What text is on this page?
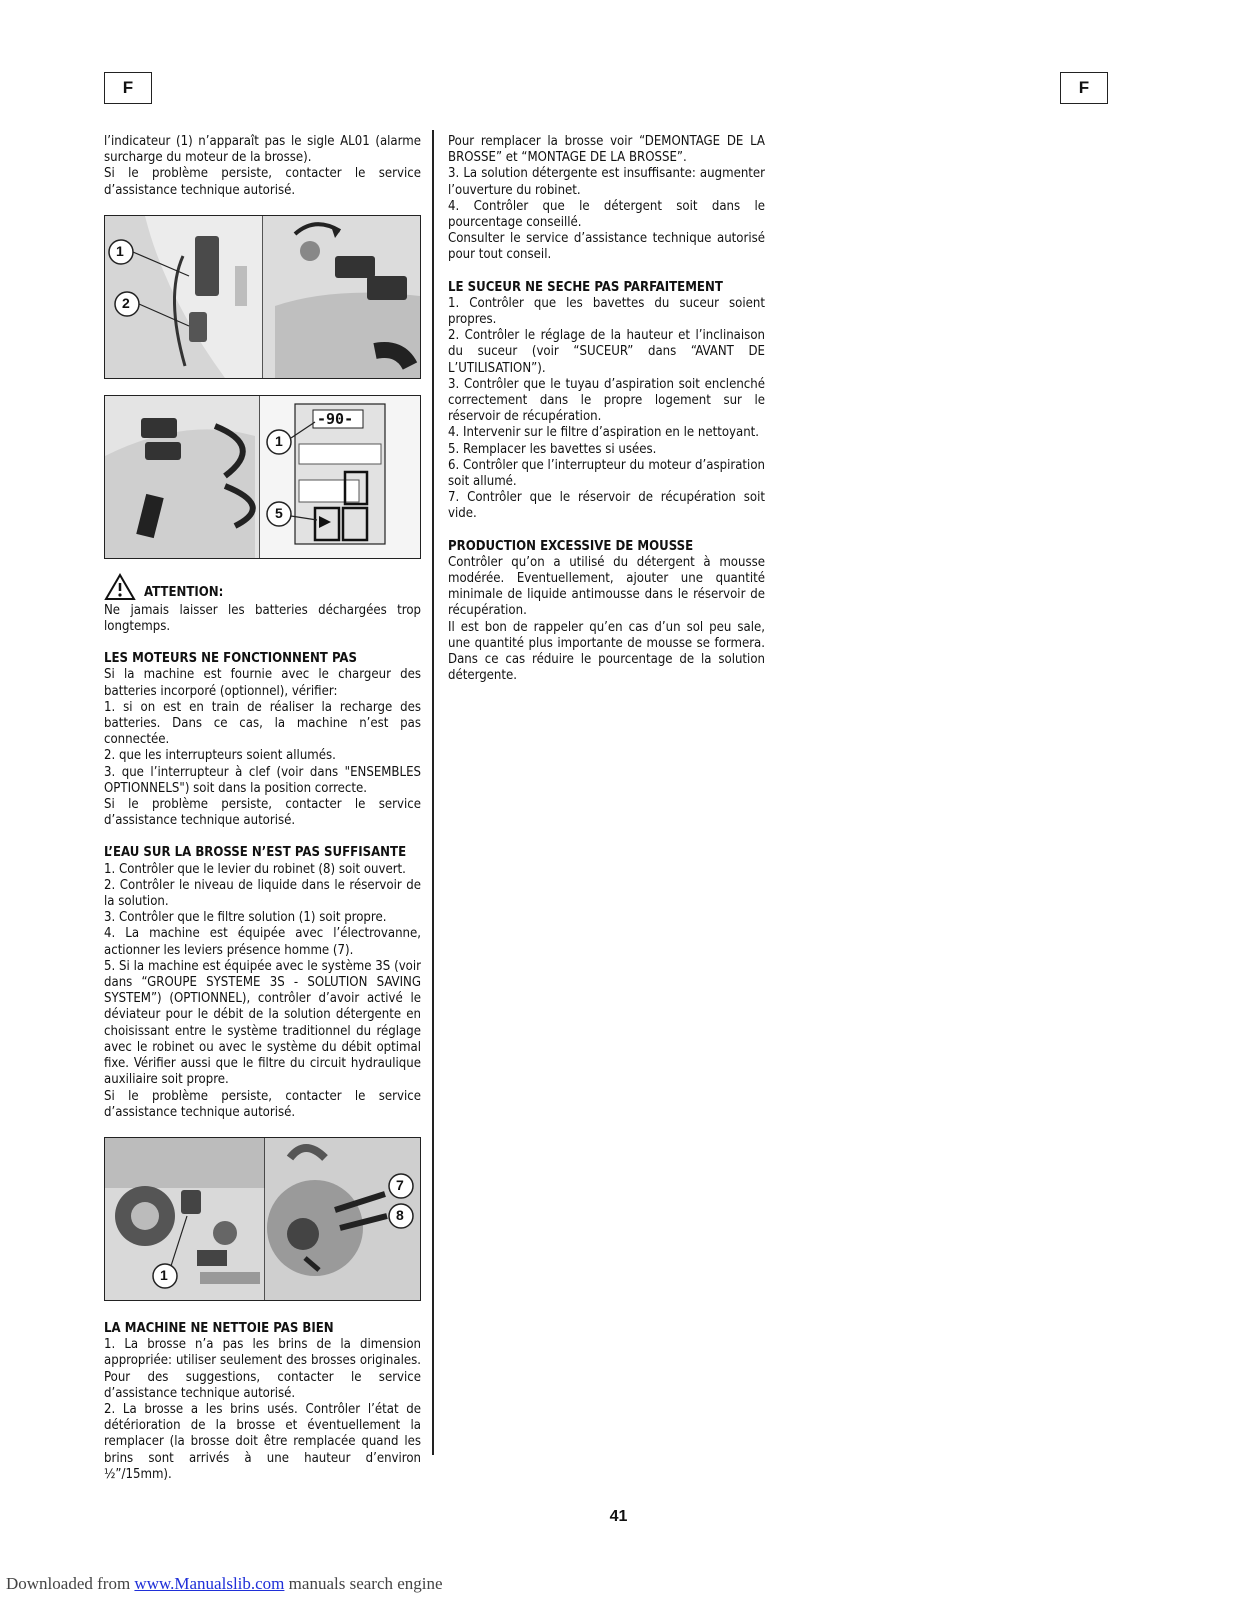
F	F

l’indicateur (1) n’apparaît pas le sigle AL01 (alarme surcharge du moteur de la brosse).

Si le problème persiste, contacter le service d’assistance technique autorisé.

1
2
-90-
1
5
ATTENTION:

Ne jamais laisser les batteries déchargées trop longtemps.

LES MOTEURS NE FONCTIONNENT PAS

Si la machine est fournie avec le chargeur des batteries incorporé (optionnel), vérifier:

1. si on est en train de réaliser la recharge des batteries. Dans ce cas, la machine n’est pas connectée.

2. que les interrupteurs soient allumés.

3. que l’interrupteur à clef (voir dans "ENSEMBLES OPTIONNELS") soit dans la position correcte.

Si le problème persiste, contacter le service d’assistance technique autorisé.

L’EAU SUR LA BROSSE N’EST PAS SUFFISANTE

1. Contrôler que le levier du robinet (8) soit ouvert.

2. Contrôler le niveau de liquide dans le réservoir de la solution.

3. Contrôler que le filtre solution (1) soit propre.

4. La machine est équipée avec l’électrovanne, actionner les leviers présence homme (7).

5. Si la machine est équipée avec le système 3S (voir dans “GROUPE SYSTEME 3S - SOLUTION SAVING SYSTEM”) (OPTIONNEL), contrôler d’avoir activé le déviateur pour le débit de la solution détergente en choisissant entre le système traditionnel du réglage avec le robinet ou avec le système du débit optimal fixe. Vérifier aussi que le filtre du circuit hydraulique auxiliaire soit propre.

Si le problème persiste, contacter le service d’assistance technique autorisé.

1
7
8
LA MACHINE NE NETTOIE PAS BIEN

1. La brosse n’a pas les brins de la dimension appropriée: utiliser seulement des brosses originales. Pour des suggestions, contacter le service d’assistance technique autorisé.

2. La brosse a les brins usés. Contrôler l’état de détérioration de la brosse et éventuellement la remplacer (la brosse doit être remplacée quand les brins sont arrivés à une hauteur d’environ ½”/15mm).

Pour remplacer la brosse voir “DEMONTAGE DE LA BROSSE” et “MONTAGE DE LA BROSSE”.

3. La solution détergente est insuffisante: augmenter l’ouverture du robinet.

4. Contrôler que le détergent soit dans le pourcentage conseillé.

Consulter le service d’assistance technique autorisé pour tout conseil.

LE SUCEUR NE SECHE PAS PARFAITEMENT

1. Contrôler que les bavettes du suceur soient propres.

2. Contrôler le réglage de la hauteur et l’inclinaison du suceur (voir “SUCEUR” dans “AVANT DE L’UTILISATION”).

3. Contrôler que le tuyau d’aspiration soit enclenché correctement dans le propre logement sur le réservoir de récupération.

4. Intervenir sur le filtre d’aspiration en le nettoyant.

5. Remplacer les bavettes si usées.

6. Contrôler que l’interrupteur du moteur d’aspiration soit allumé.

7. Contrôler que le réservoir de récupération soit vide.

PRODUCTION EXCESSIVE DE MOUSSE

Contrôler qu’on a utilisé du détergent à mousse modérée. Eventuellement, ajouter une quantité minimale de liquide antimousse dans le réservoir de récupération.

Il est bon de rappeler qu’en cas d’un sol peu sale, une quantité plus importante de mousse se formera. Dans ce cas réduire le pourcentage de la solution détergente.

41
Downloaded from www.Manualslib.com manuals search engine
